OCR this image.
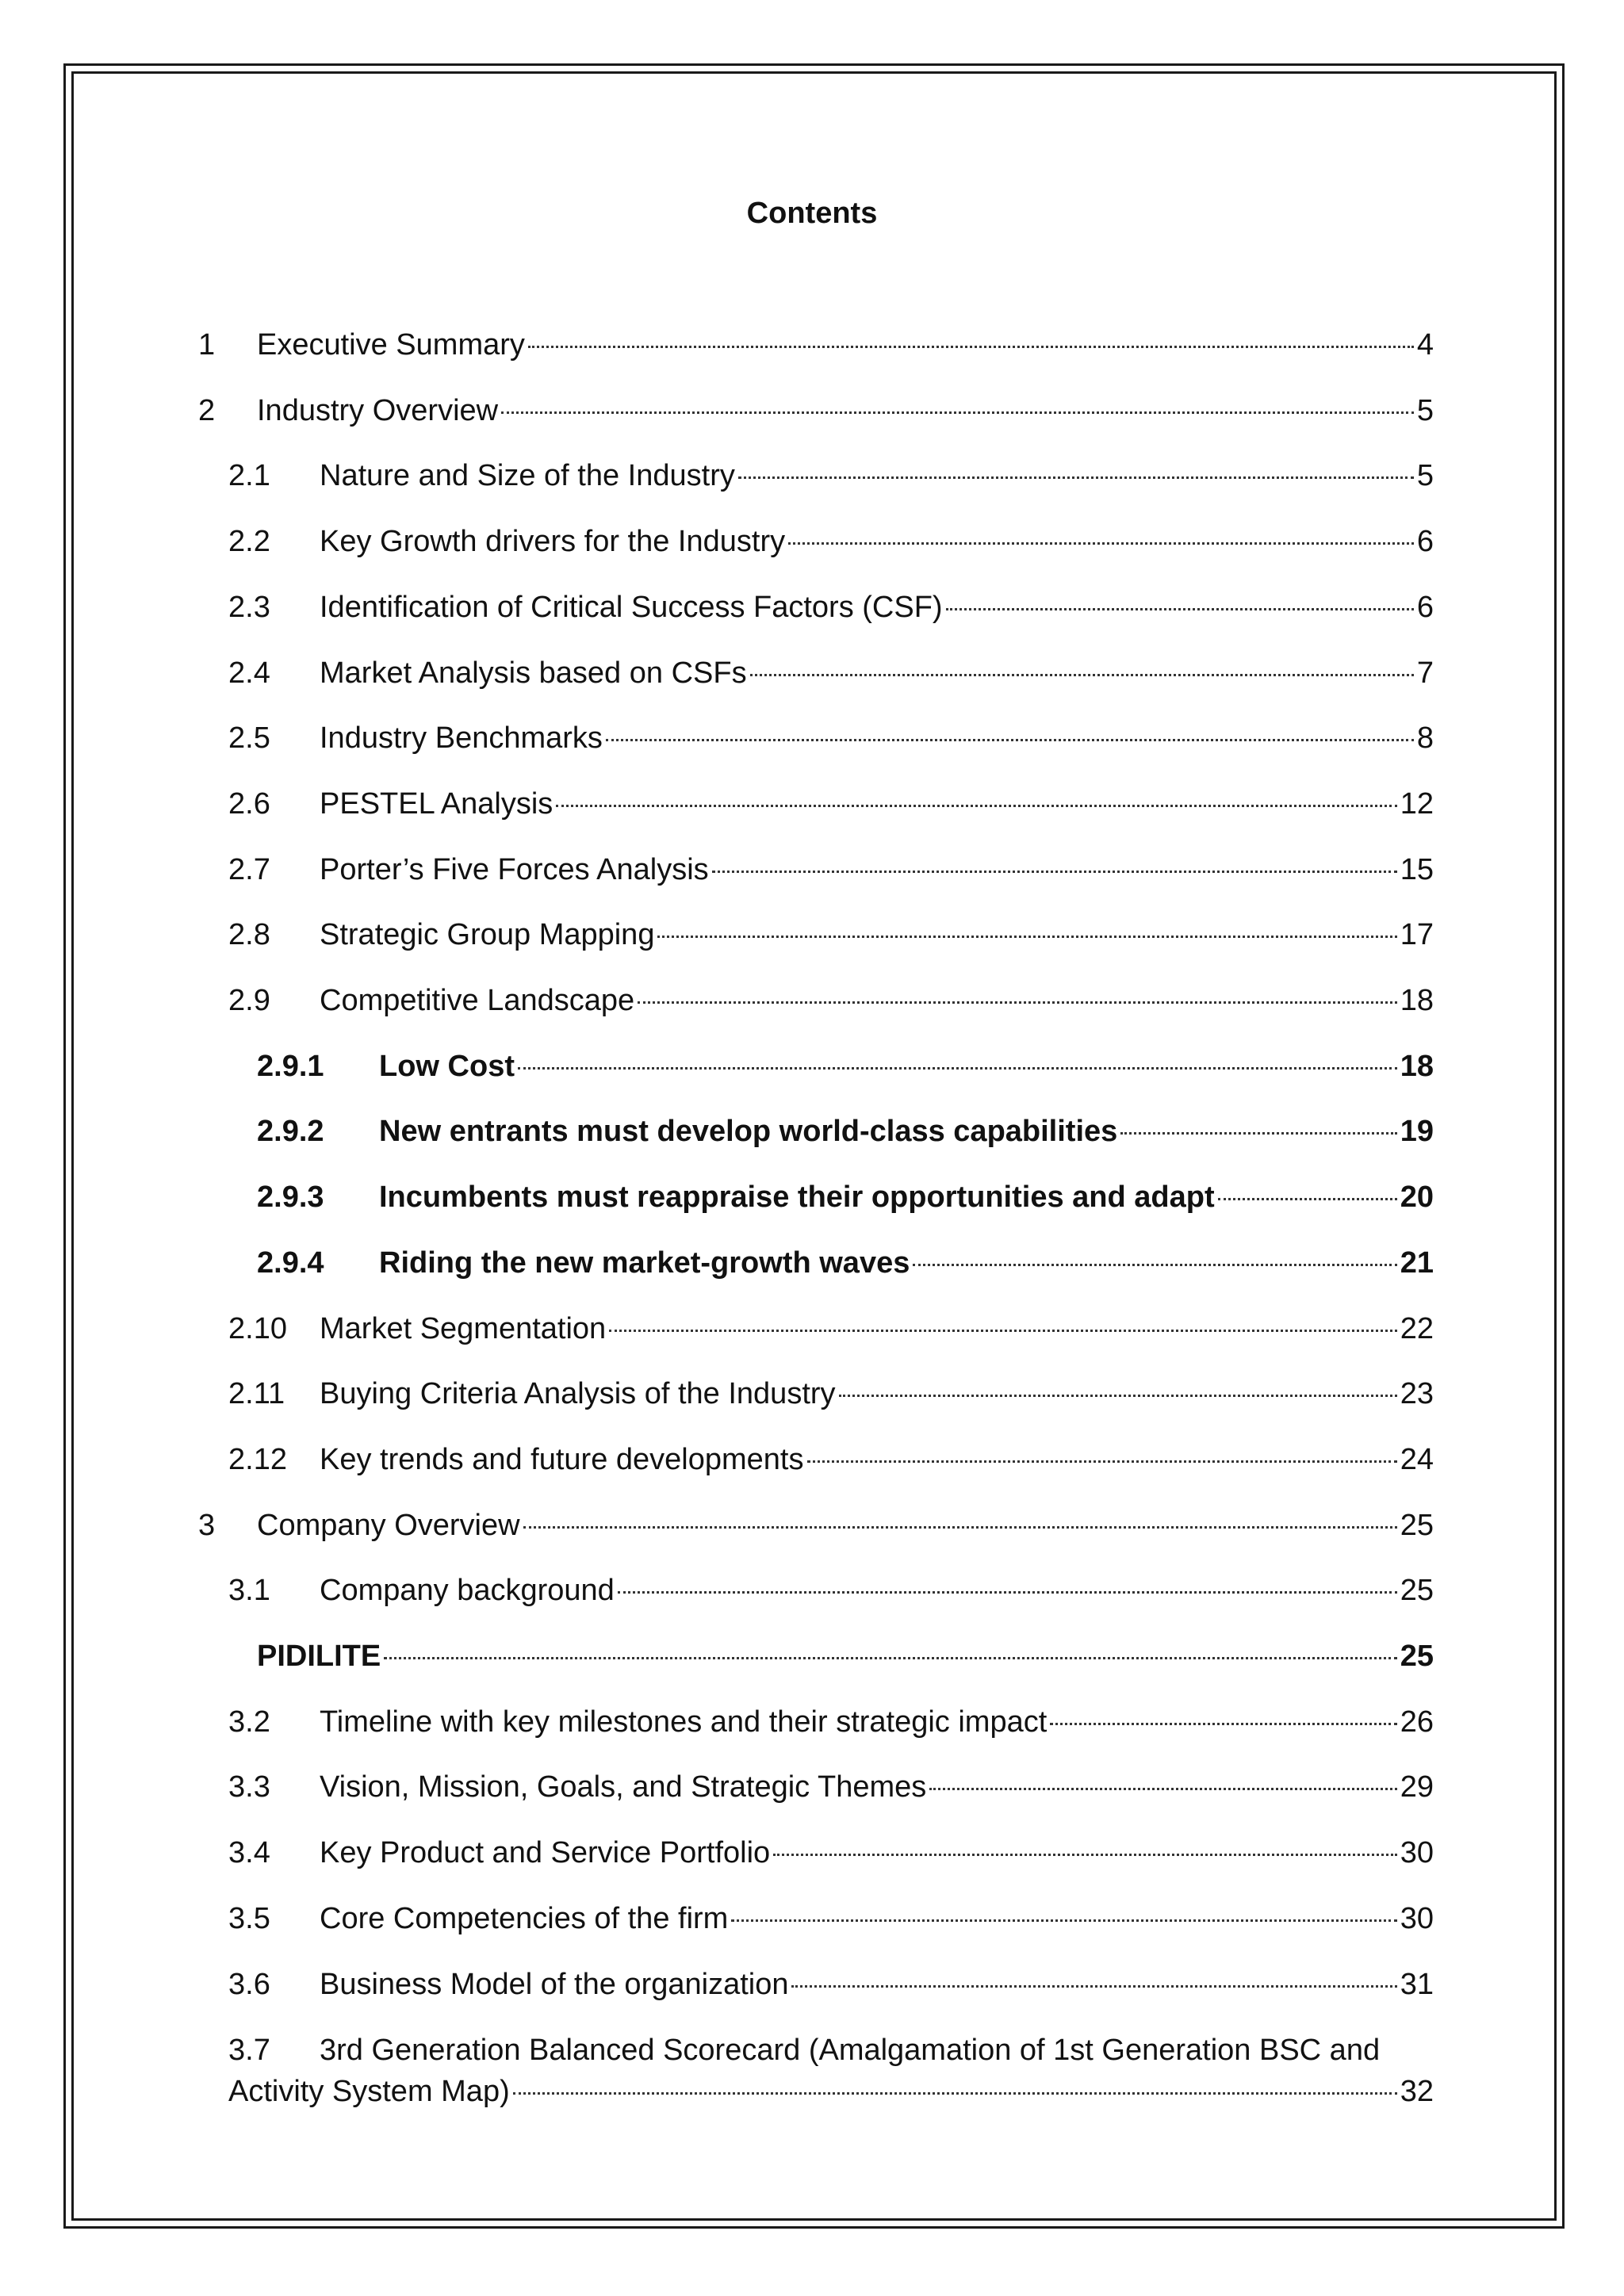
Contents
1	Executive Summary	4
2	Industry Overview	5
2.1	Nature and Size of the Industry	5
2.2	Key Growth drivers for the Industry	6
2.3	Identification of Critical Success Factors (CSF)	6
2.4	Market Analysis based on CSFs	7
2.5	Industry Benchmarks	8
2.6	PESTEL Analysis	12
2.7	Porter’s Five Forces Analysis	15
2.8	Strategic Group Mapping	17
2.9	Competitive Landscape	18
2.9.1	Low Cost	18
2.9.2	New entrants must develop world-class capabilities	19
2.9.3	Incumbents must reappraise their opportunities and adapt	20
2.9.4	Riding the new market-growth waves	21
2.10	Market Segmentation	22
2.11	Buying Criteria Analysis of the Industry	23
2.12	Key trends and future developments	24
3	Company Overview	25
3.1	Company background	25
PIDILITE	25
3.2	Timeline with key milestones and their strategic impact	26
3.3	Vision, Mission, Goals, and Strategic Themes	29
3.4	Key Product and Service Portfolio	30
3.5	Core Competencies of the firm	30
3.6	Business Model of the organization	31
3.7 3rd Generation Balanced Scorecard (Amalgamation of 1st Generation BSC and
Activity System Map)	32
